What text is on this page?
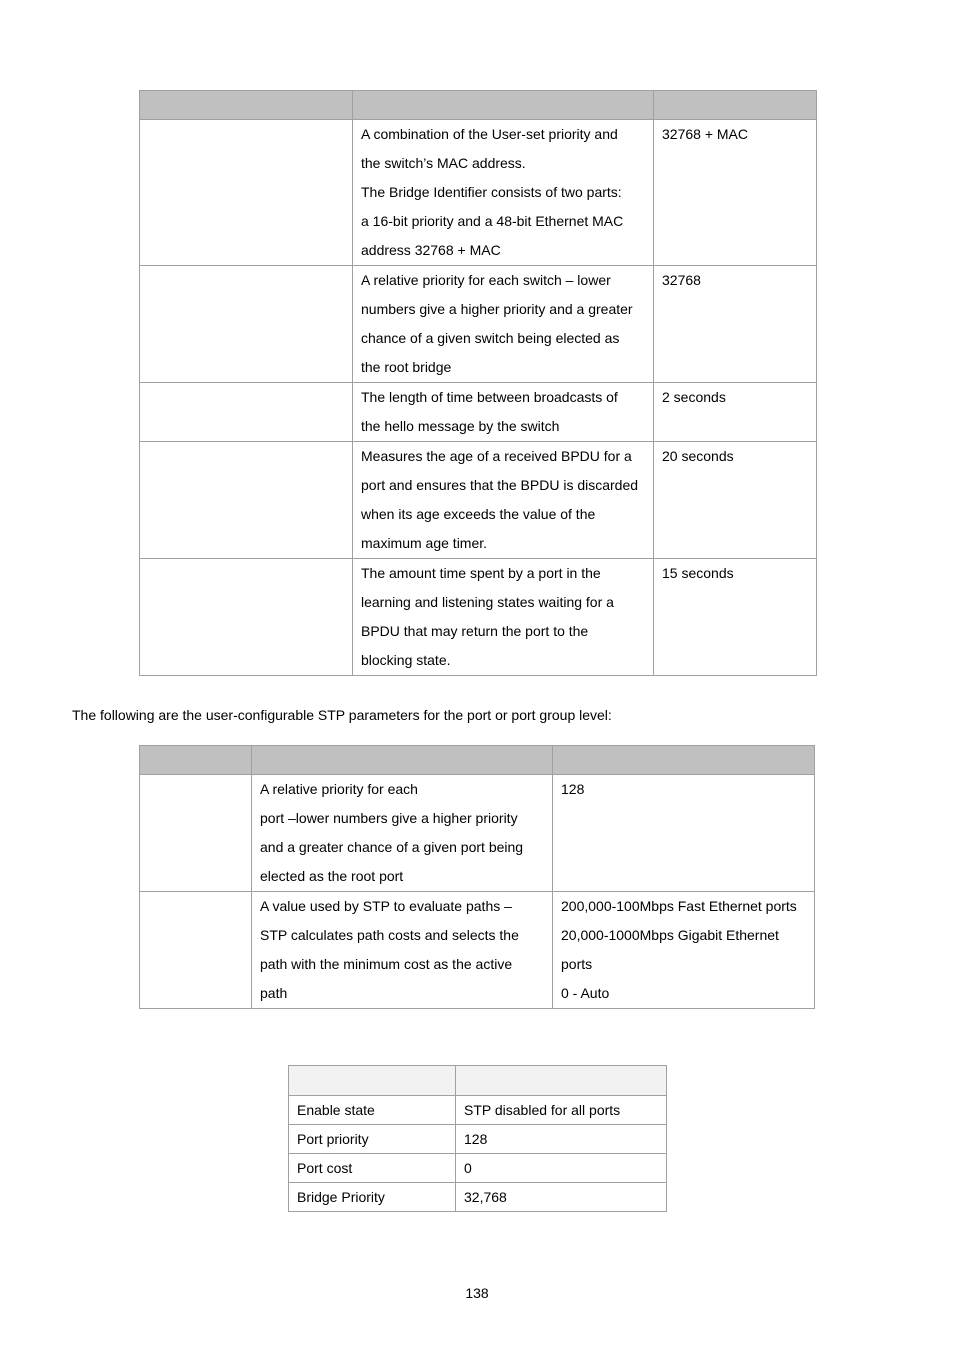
	A combination of the User-set priority and
the switch’s MAC address.
The Bridge Identifier consists of two parts:
a 16-bit priority and a 48-bit Ethernet MAC
address 32768 + MAC	32768 + MAC

	A relative priority for each switch – lower
numbers give a higher priority and a greater
chance of a given switch being elected as
the root bridge	32768

	The length of time between broadcasts of
the hello message by the switch	2 seconds

	Measures the age of a received BPDU for a
port and ensures that the BPDU is discarded
when its age exceeds the value of the
maximum age timer.	20 seconds

	The amount time spent by a port in the
learning and listening states waiting for a
BPDU that may return the port to the
blocking state.	15 seconds
The following are the user-configurable STP parameters for the port or port group level:

	A relative priority for each
port –lower numbers give a higher priority
and a greater chance of a given port being
elected as the root port	128

	A value used by STP to evaluate paths –
STP calculates path costs and selects the
path with the minimum cost as the active
path	200,000-100Mbps Fast Ethernet ports
20,000-1000Mbps Gigabit Ethernet
ports
0 - Auto

Enable state	STP disabled for all ports
Port priority	128
Port cost	0
Bridge Priority	32,768
138
